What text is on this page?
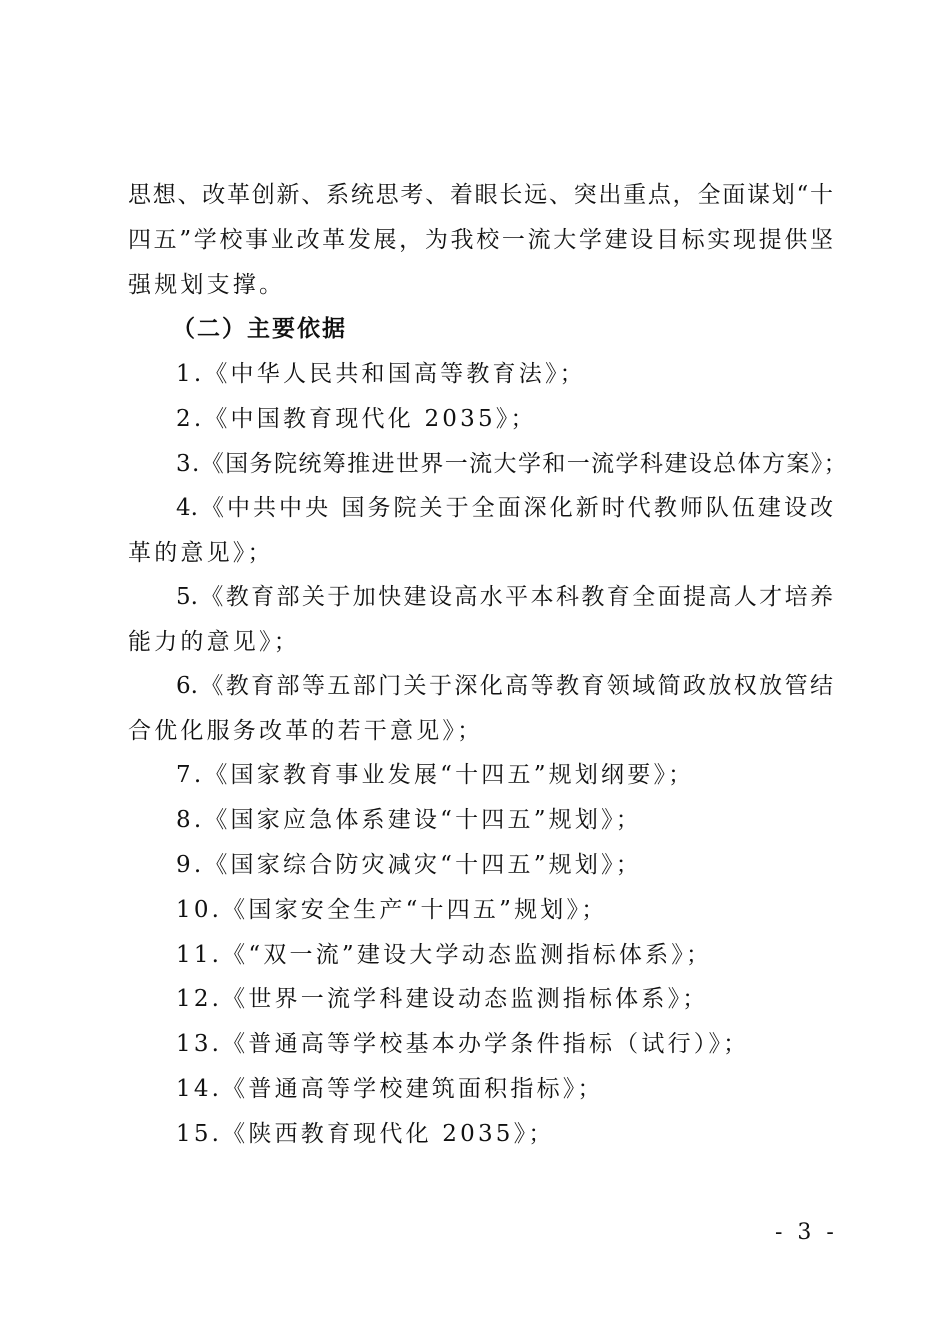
思想、改革创新、系统思考、着眼长远、突出重点，全面谋划“十
四五”学校事业改革发展，为我校一流大学建设目标实现提供坚
强规划支撑。
（二）主要依据
1.《中华人民共和国高等教育法》；
2.《中国教育现代化 2035》；
3.《国务院统筹推进世界一流大学和一流学科建设总体方案》；
4.《中共中央 国务院关于全面深化新时代教师队伍建设改
革的意见》；
5.《教育部关于加快建设高水平本科教育全面提高人才培养
能力的意见》；
6.《教育部等五部门关于深化高等教育领域简政放权放管结
合优化服务改革的若干意见》；
7.《国家教育事业发展“十四五”规划纲要》；
8.《国家应急体系建设“十四五”规划》；
9.《国家综合防灾减灾“十四五”规划》；
10.《国家安全生产“十四五”规划》；
11.《“双一流”建设大学动态监测指标体系》；
12.《世界一流学科建设动态监测指标体系》；
13.《普通高等学校基本办学条件指标（试行）》；
14.《普通高等学校建筑面积指标》；
15.《陕西教育现代化 2035》；
- 3 -
